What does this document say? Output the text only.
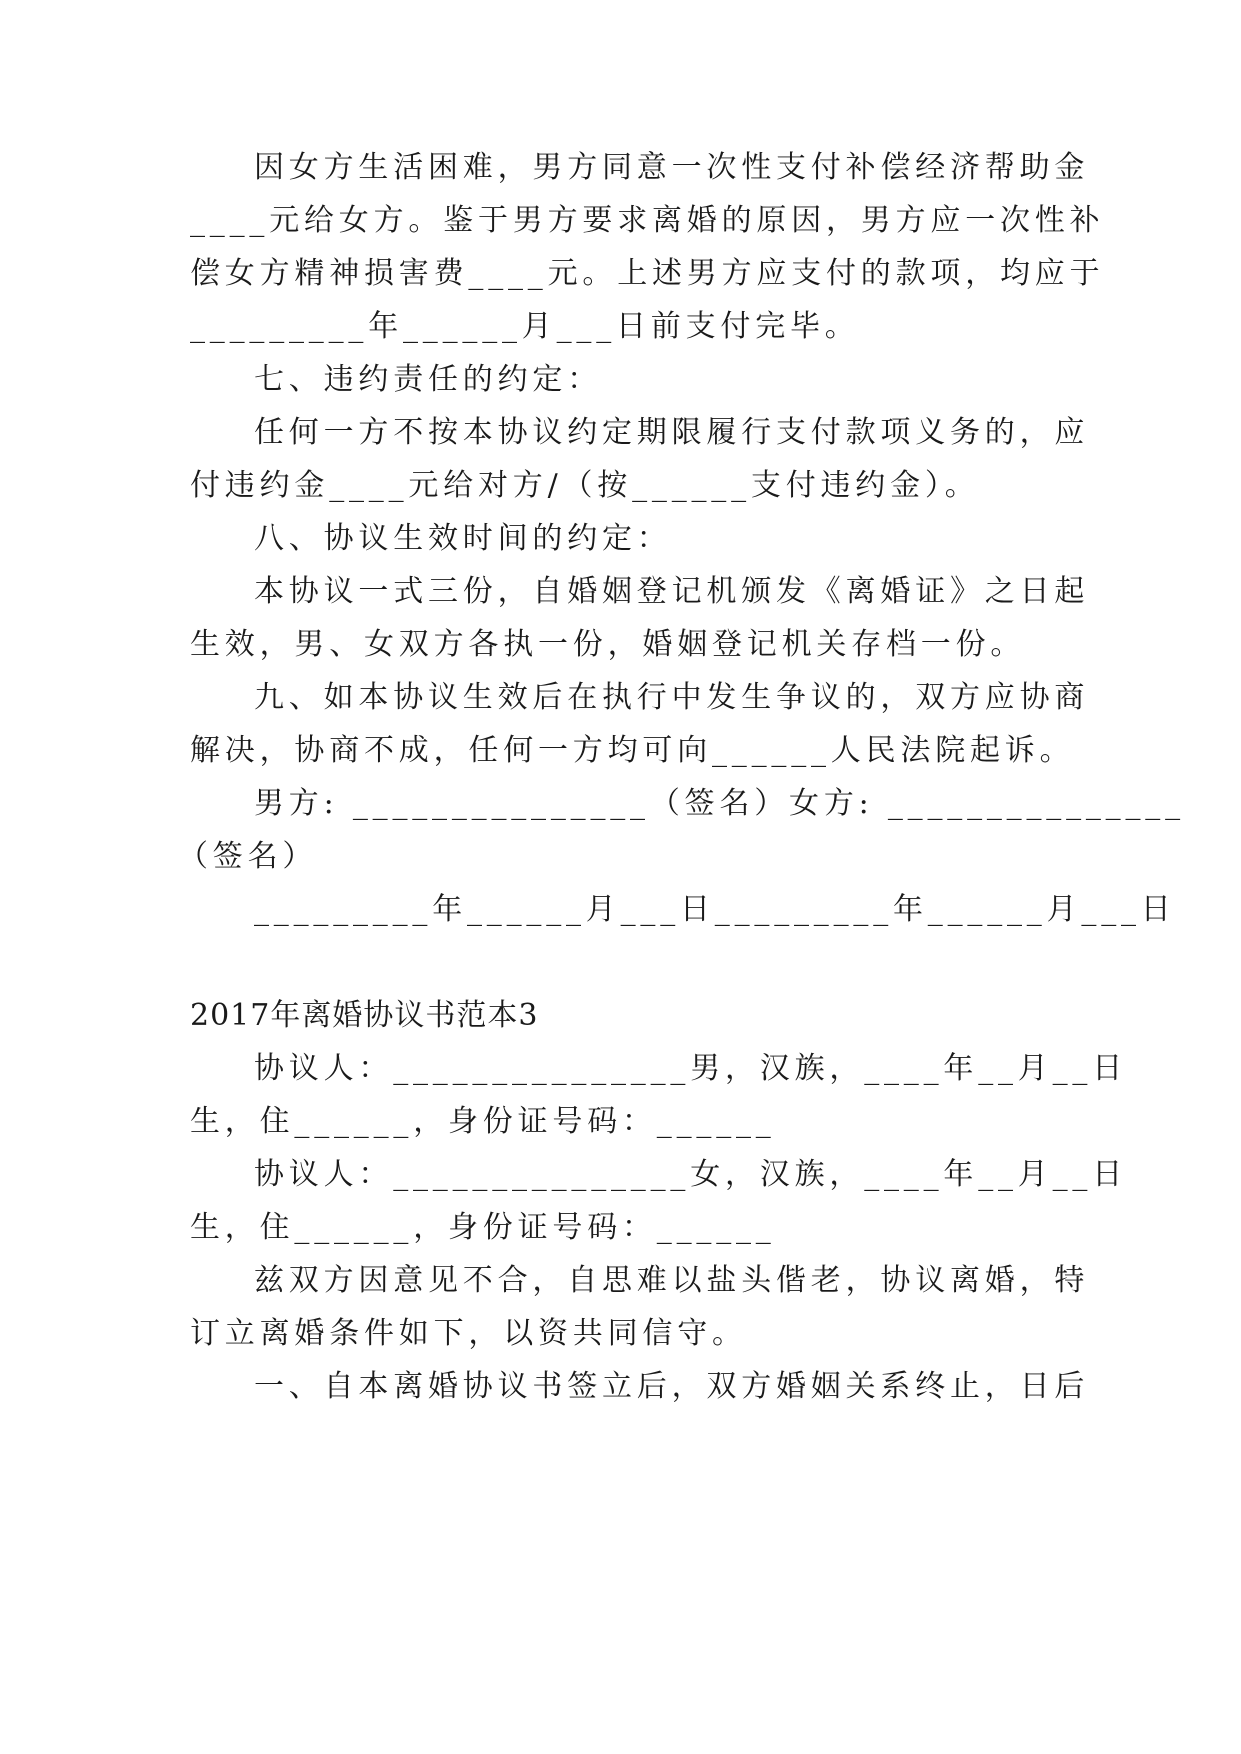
因女方生活困难，男方同意一次性支付补偿经济帮助金
____元给女方。鉴于男方要求离婚的原因，男方应一次性补
偿女方精神损害费____元。上述男方应支付的款项，均应于
_________年______月___日前支付完毕。
七、违约责任的约定：
任何一方不按本协议约定期限履行支付款项义务的，应
付违约金____元给对方/（按______支付违约金）。
八、协议生效时间的约定：
本协议一式三份，自婚姻登记机颁发《离婚证》之日起
生效，男、女双方各执一份，婚姻登记机关存档一份。
九、如本协议生效后在执行中发生争议的，双方应协商
解决，协商不成，任何一方均可向______人民法院起诉。
男方: _______________（签名）女方: _______________
（签名）
_________年______月___日_________年______月___日
2017年离婚协议书范本3
协议人：_______________男，汉族，____年__月__日
生，住______，身份证号码：______
协议人：_______________女，汉族，____年__月__日
生，住______，身份证号码：______
兹双方因意见不合，自思难以盐头偕老，协议离婚，特
订立离婚条件如下，以资共同信守。
一、自本离婚协议书签立后，双方婚姻关系终止，日后
